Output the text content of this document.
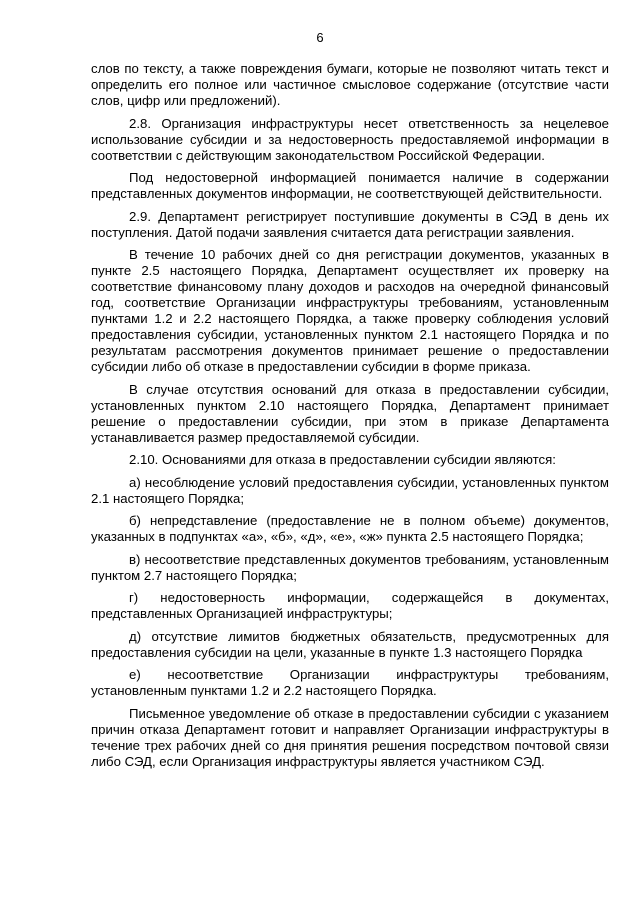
6

слов по тексту, а также повреждения бумаги, которые не позволяют читать текст и определить его полное или частичное смысловое содержание (отсутствие части слов, цифр или предложений).

2.8. Организация инфраструктуры несет ответственность за нецелевое использование субсидии и за недостоверность предоставляемой информации в соответствии с действующим законодательством Российской Федерации.

Под недостоверной информацией понимается наличие в содержании представленных документов информации, не соответствующей действительности.

2.9. Департамент регистрирует поступившие документы в СЭД в день их поступления. Датой подачи заявления считается дата регистрации заявления.

В течение 10 рабочих дней со дня регистрации документов, указанных в пункте 2.5 настоящего Порядка, Департамент осуществляет их проверку на соответствие финансовому плану доходов и расходов на очередной финансовый год, соответствие Организации инфраструктуры требованиям, установленным пунктами 1.2 и 2.2 настоящего Порядка, а также проверку соблюдения условий предоставления субсидии, установленных пунктом 2.1 настоящего Порядка и по результатам рассмотрения документов принимает решение о предоставлении субсидии либо об отказе в предоставлении субсидии в форме приказа.

В случае отсутствия оснований для отказа в предоставлении субсидии, установленных пунктом 2.10 настоящего Порядка, Департамент принимает решение о предоставлении субсидии, при этом в приказе Департамента устанавливается размер предоставляемой субсидии.

2.10. Основаниями для отказа в предоставлении субсидии являются:

а) несоблюдение условий предоставления субсидии, установленных пунктом 2.1 настоящего Порядка;

б) непредставление (предоставление не в полном объеме) документов, указанных в подпунктах «а», «б», «д», «е», «ж» пункта 2.5 настоящего Порядка;

в) несоответствие представленных документов требованиям, установленным пунктом 2.7 настоящего Порядка;

г) недостоверность информации, содержащейся в документах, представленных Организацией инфраструктуры;

д) отсутствие лимитов бюджетных обязательств, предусмотренных для предоставления субсидии на цели, указанные в пункте 1.3 настоящего Порядка

е) несоответствие Организации инфраструктуры требованиям, установленным пунктами 1.2 и 2.2 настоящего Порядка.

Письменное уведомление об отказе в предоставлении субсидии с указанием причин отказа Департамент готовит и направляет Организации инфраструктуры в течение трех рабочих дней со дня принятия решения посредством почтовой связи либо СЭД, если Организация инфраструктуры является участником СЭД.
